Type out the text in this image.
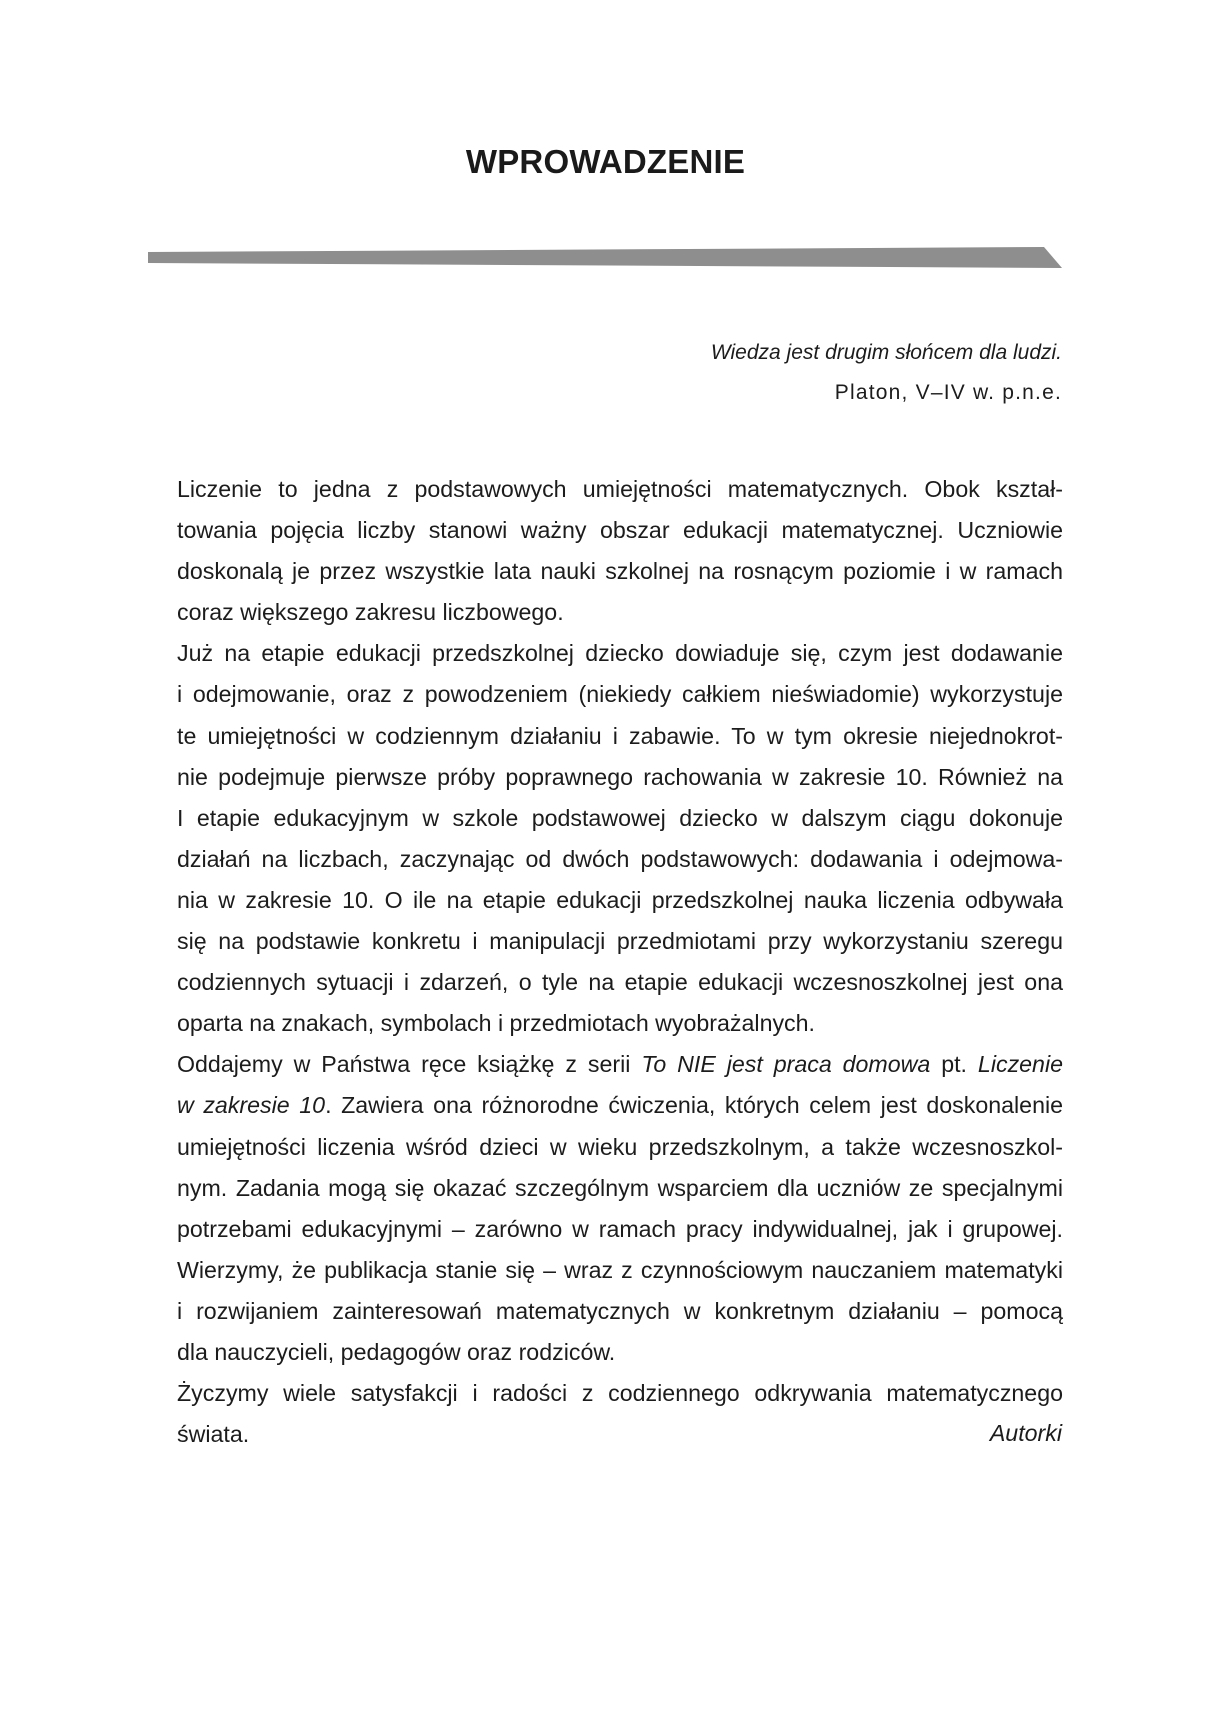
WPROWADZENIE
Wiedza jest drugim słońcem dla ludzi.
Platon, V–IV w. p.n.e.

Liczenie to jedna z podstawowych umiejętności matematycznych. Obok kształ-
towania pojęcia liczby stanowi ważny obszar edukacji matematycznej. Uczniowie
doskonalą je przez wszystkie lata nauki szkolnej na rosnącym poziomie i w ramach
coraz większego zakresu liczbowego.

Już na etapie edukacji przedszkolnej dziecko dowiaduje się, czym jest dodawanie
i odejmowanie, oraz z powodzeniem (niekiedy całkiem nieświadomie) wykorzystuje
te umiejętności w codziennym działaniu i zabawie. To w tym okresie niejednokrot-
nie podejmuje pierwsze próby poprawnego rachowania w zakresie 10. Również na
I etapie edukacyjnym w szkole podstawowej dziecko w dalszym ciągu dokonuje
działań na liczbach, zaczynając od dwóch podstawowych: dodawania i odejmowa-
nia w zakresie 10. O ile na etapie edukacji przedszkolnej nauka liczenia odbywała
się na podstawie konkretu i manipulacji przedmiotami przy wykorzystaniu szeregu
codziennych sytuacji i zdarzeń, o tyle na etapie edukacji wczesnoszkolnej jest ona
oparta na znakach, symbolach i przedmiotach wyobrażalnych.

Oddajemy w Państwa ręce książkę z serii To NIE jest praca domowa pt. Liczenie
w zakresie 10. Zawiera ona różnorodne ćwiczenia, których celem jest doskonalenie
umiejętności liczenia wśród dzieci w wieku przedszkolnym, a także wczesnoszkol-
nym. Zadania mogą się okazać szczególnym wsparciem dla uczniów ze specjalnymi
potrzebami edukacyjnymi – zarówno w ramach pracy indywidualnej, jak i grupowej.
Wierzymy, że publikacja stanie się – wraz z czynnościowym nauczaniem matematyki
i rozwijaniem zainteresowań matematycznych w konkretnym działaniu – pomocą
dla nauczycieli, pedagogów oraz rodziców.

Życzymy wiele satysfakcji i radości z codziennego odkrywania matematycznego
świata.	Autorki
